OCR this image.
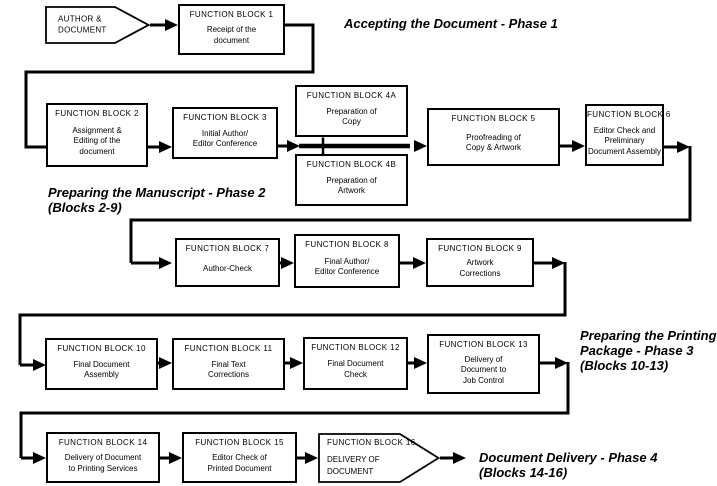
AUTHOR &
DOCUMENT	Accepting the Document - Phase 1
Preparing the Manuscript - Phase 2
(Blocks 2-9)
Preparing the Printing
Package - Phase 3
(Blocks 10-13)
Document Delivery - Phase 4
(Blocks 14-16)
FUNCTION BLOCK 1
Receipt of the
document
FUNCTION BLOCK 2
Assignment &
Editing of the
document
FUNCTION BLOCK 3
Initial Author/
Editor Conference
FUNCTION BLOCK 4A
Preparation of
Copy
FUNCTION BLOCK 4B
Preparation of
Artwork
FUNCTION BLOCK 5
Proofreading of
Copy & Artwork
FUNCTION BLOCK 6
Editor Check and
Preliminary
Document Assembly
FUNCTION BLOCK 7
Author-Check
FUNCTION BLOCK 8
Final Author/
Editor Conference
FUNCTION BLOCK 9
Artwork
Corrections
FUNCTION BLOCK 10
Final Document
Assembly
FUNCTION BLOCK 11
Final Text
Corrections
FUNCTION BLOCK 12
Final Document
Check
FUNCTION BLOCK 13
Delivery of
Document to
Job Control
FUNCTION BLOCK 14
Delivery of Document
to Printing Services
FUNCTION BLOCK 15
Editor Check of
Printed Document
FUNCTION BLOCK 16
DELIVERY OF
DOCUMENT
